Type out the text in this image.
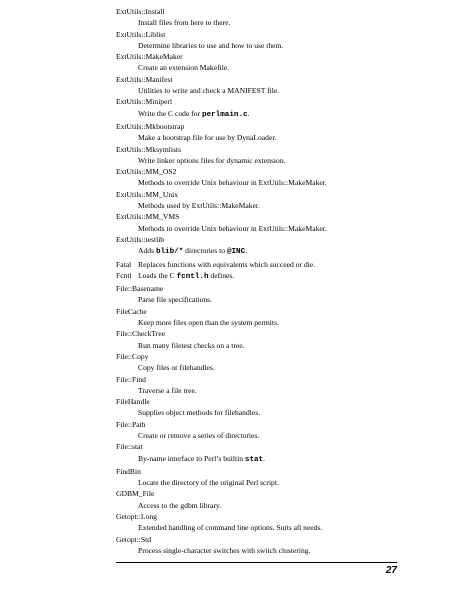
ExtUtils::Install
Install files from here to there.
ExtUtils::Liblist
Determine libraries to use and how to use them.
ExtUtils::MakeMaker
Create an extension Makefile.
ExtUtils::Manifest
Utilities to write and check a MANIFEST file.
ExtUtils::Miniperl
Write the C code for perlmain.c.
ExtUtils::Mkbootstrap
Make a bootstrap file for use by DynaLoader.
ExtUtils::Mksymlists
Write linker options files for dynamic extension.
ExtUtils::MM_OS2
Methods to override Unix behaviour in ExtUtils::MakeMaker.
ExtUtils::MM_Unix
Methods used by ExtUtils::MakeMaker.
ExtUtils::MM_VMS
Methods to override Unix behaviour in ExtUtils::MakeMaker.
ExtUtils::testlib
Adds blib/* directories to @INC.
Fatal Replaces functions with equivalents which succeed or die.
Fcntl Loads the C fcntl.h defines.
File::Basename
Parse file specifications.
FileCache
Keep more files open than the system permits.
File::CheckTree
Run many filetest checks on a tree.
File::Copy
Copy files or filehandles.
File::Find
Traverse a file tree.
FileHandle
Supplies object methods for filehandles.
File::Path
Create or remove a series of directories.
File::stat
By-name interface to Perl’s builtin stat.
FindBin
Locate the directory of the original Perl script.
GDBM_File
Access to the gdbm library.
Getopt::Long
Extended handling of command line options. Suits all needs.
Getopt::Std
Process single-character switches with switch clustering.
27
